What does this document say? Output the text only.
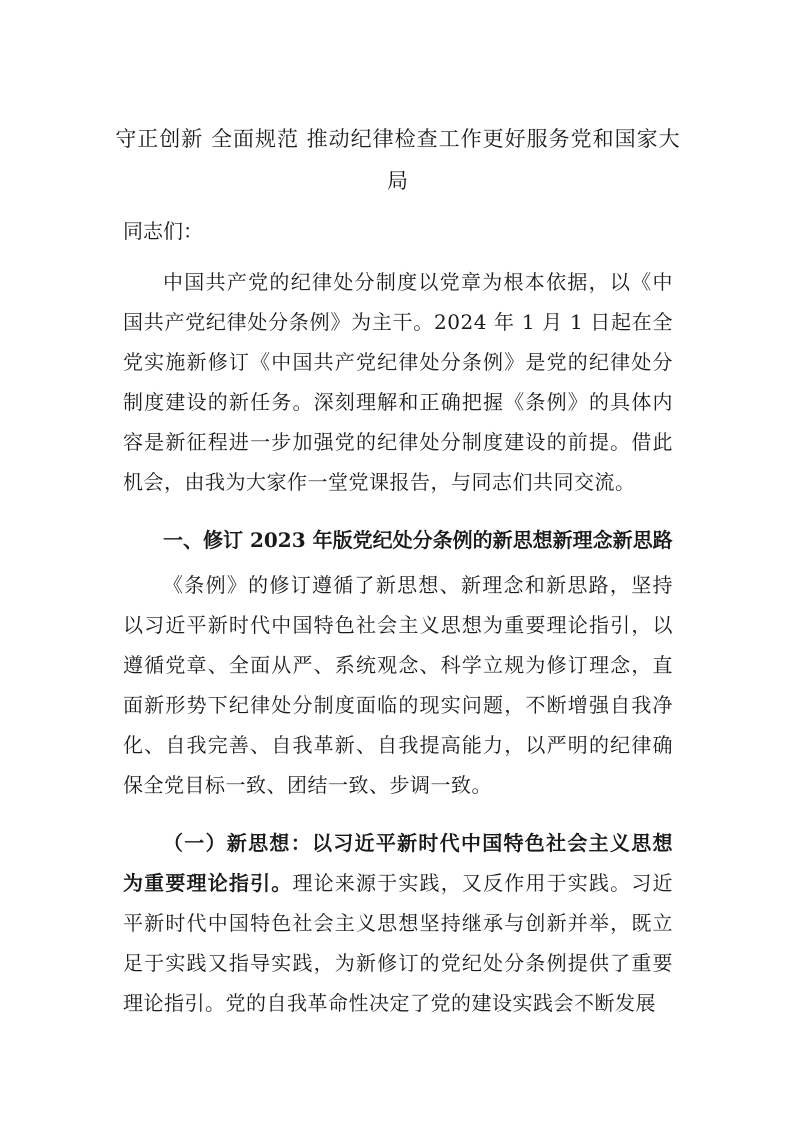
守正创新 全面规范 推动纪律检查工作更好服务党和国家大局

同志们：

中国共产党的纪律处分制度以党章为根本依据，以《中国共产党纪律处分条例》为主干。2024 年 1 月 1 日起在全党实施新修订《中国共产党纪律处分条例》是党的纪律处分制度建设的新任务。深刻理解和正确把握《条例》的具体内容是新征程进一步加强党的纪律处分制度建设的前提。借此机会，由我为大家作一堂党课报告，与同志们共同交流。

一、修订 2023 年版党纪处分条例的新思想新理念新思路

《条例》的修订遵循了新思想、新理念和新思路，坚持以习近平新时代中国特色社会主义思想为重要理论指引，以遵循党章、全面从严、系统观念、科学立规为修订理念，直面新形势下纪律处分制度面临的现实问题，不断增强自我净化、自我完善、自我革新、自我提高能力，以严明的纪律确保全党目标一致、团结一致、步调一致。

（一）新思想：以习近平新时代中国特色社会主义思想为重要理论指引。理论来源于实践，又反作用于实践。习近平新时代中国特色社会主义思想坚持继承与创新并举，既立足于实践又指导实践，为新修订的党纪处分条例提供了重要理论指引。党的自我革命性决定了党的建设实践会不断发展
